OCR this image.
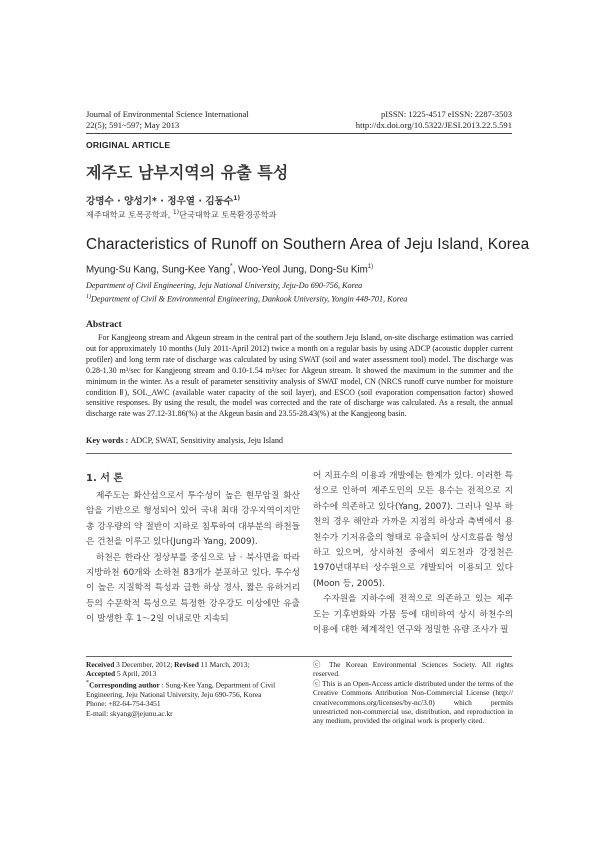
Journal of Environmental Science International
22(5); 591~597; May 2013
pISSN: 1225-4517 eISSN: 2287-3503
http://dx.doi.org/10.5322/JESI.2013.22.5.591
ORIGINAL ARTICLE
제주도 남부지역의 유출 특성
강명수 · 양성기* · 정우열 · 김동수$^{1)}$
제주대학교 토목공학과, $^{1)}$단국대학교 토목환경공학과
Characteristics of Runoff on Southern Area of Jeju Island, Korea
Myung-Su Kang, Sung-Kee Yang*, Woo-Yeol Jung, Dong-Su Kim$^{1)}$
Department of Civil Engineering, Jeju National University, Jeju-Do 690-756, Korea
$^{1)}$Department of Civil & Environmental Engineering, Dankook University, Yongin 448-701, Korea
Abstract
For Kangjeong stream and Akgeun stream in the central part of the southern Jeju Island, on-site discharge estimation was carried out for approximately 10 months (July 2011-April 2012) twice a month on a regular basis by using ADCP (acoustic doppler current profiler) and long term rate of discharge was calculated by using SWAT (soil and water assessment tool) model. The discharge was 0.28-1.30 m³/sec for Kangjeong stream and 0.10-1.54 m³/sec for Akgeun stream. It showed the maximum in the summer and the minimum in the winter. As a result of parameter sensitivity analysis of SWAT model, CN (NRCS runoff curve number for moisture condition Ⅱ), SOL_AWC (available water capacity of the soil layer), and ESCO (soil evaporation compensation factor) showed sensitive responses. By using the result, the model was corrected and the rate of discharge was calculated. As a result, the annual discharge rate was 27.12-31.86(%) at the Akgeun basin and 23.55-28.43(%) at the Kangjeong basin.
Key words : ADCP, SWAT, Sensitivity analysis, Jeju Island
1. 서 론

제주도는 화산섬으로서 투수성이 높은 현무암질 화산암을 기반으로 형성되어 있어 국내 최대 강우지역이지만 총 강우량의 약 절반이 지하로 침투하여 대부분의 하천들은 건천을 이루고 있다(Jung과 Yang, 2009).

하천은 한라산 정상부를 중심으로 남 · 북사면을 따라 지방하천 60개와 소하천 83개가 분포하고 있다. 투수성이 높은 지질학적 특성과 급한 하상 경사, 짧은 유하거리 등의 수문학적 특성으로 특정한 강우강도 이상에만 유출이 발생한 후 1～2일 이내로만 지속되

어 지표수의 이용과 개발에는 한계가 있다. 이러한 특성으로 인하여 제주도민의 모든 용수는 전적으로 지하수에 의존하고 있다(Yang, 2007). 그러나 일부 하천의 경우 해안과 가까운 지점의 하상과 측벽에서 용천수가 기저유출의 형태로 유출되어 상시흐름을 형성하고 있으며, 상시하천 중에서 외도천과 강정천은 1970년대부터 상수원으로 개발되어 이용되고 있다(Moon 등, 2005).

수자원을 지하수에 전적으로 의존하고 있는 제주도는 기후변화와 가뭄 등에 대비하여 상시 하천수의 이용에 대한 체계적인 연구와 정밀한 유량 조사가 필

Received 3 December, 2012; Revised 11 March, 2013;
Accepted 5 April, 2013
*Corresponding author : Sung-Kee Yang, Department of Civil Engineering, Jeju National University, Jeju 690-756, Korea
Phone: +82-64-754-3451
E-mail: skyang@jejunu.ac.kr
ⓒ The Korean Environmental Sciences Society. All rights reserved.
ⓒ This is an Open-Access article distributed under the terms of the Creative Commons Attribution Non-Commercial License (http:// creativecommons.org/licenses/by-nc/3.0) which permits unrestricted non-commercial use, distribution, and reproduction in any medium, provided the original work is properly cited.
